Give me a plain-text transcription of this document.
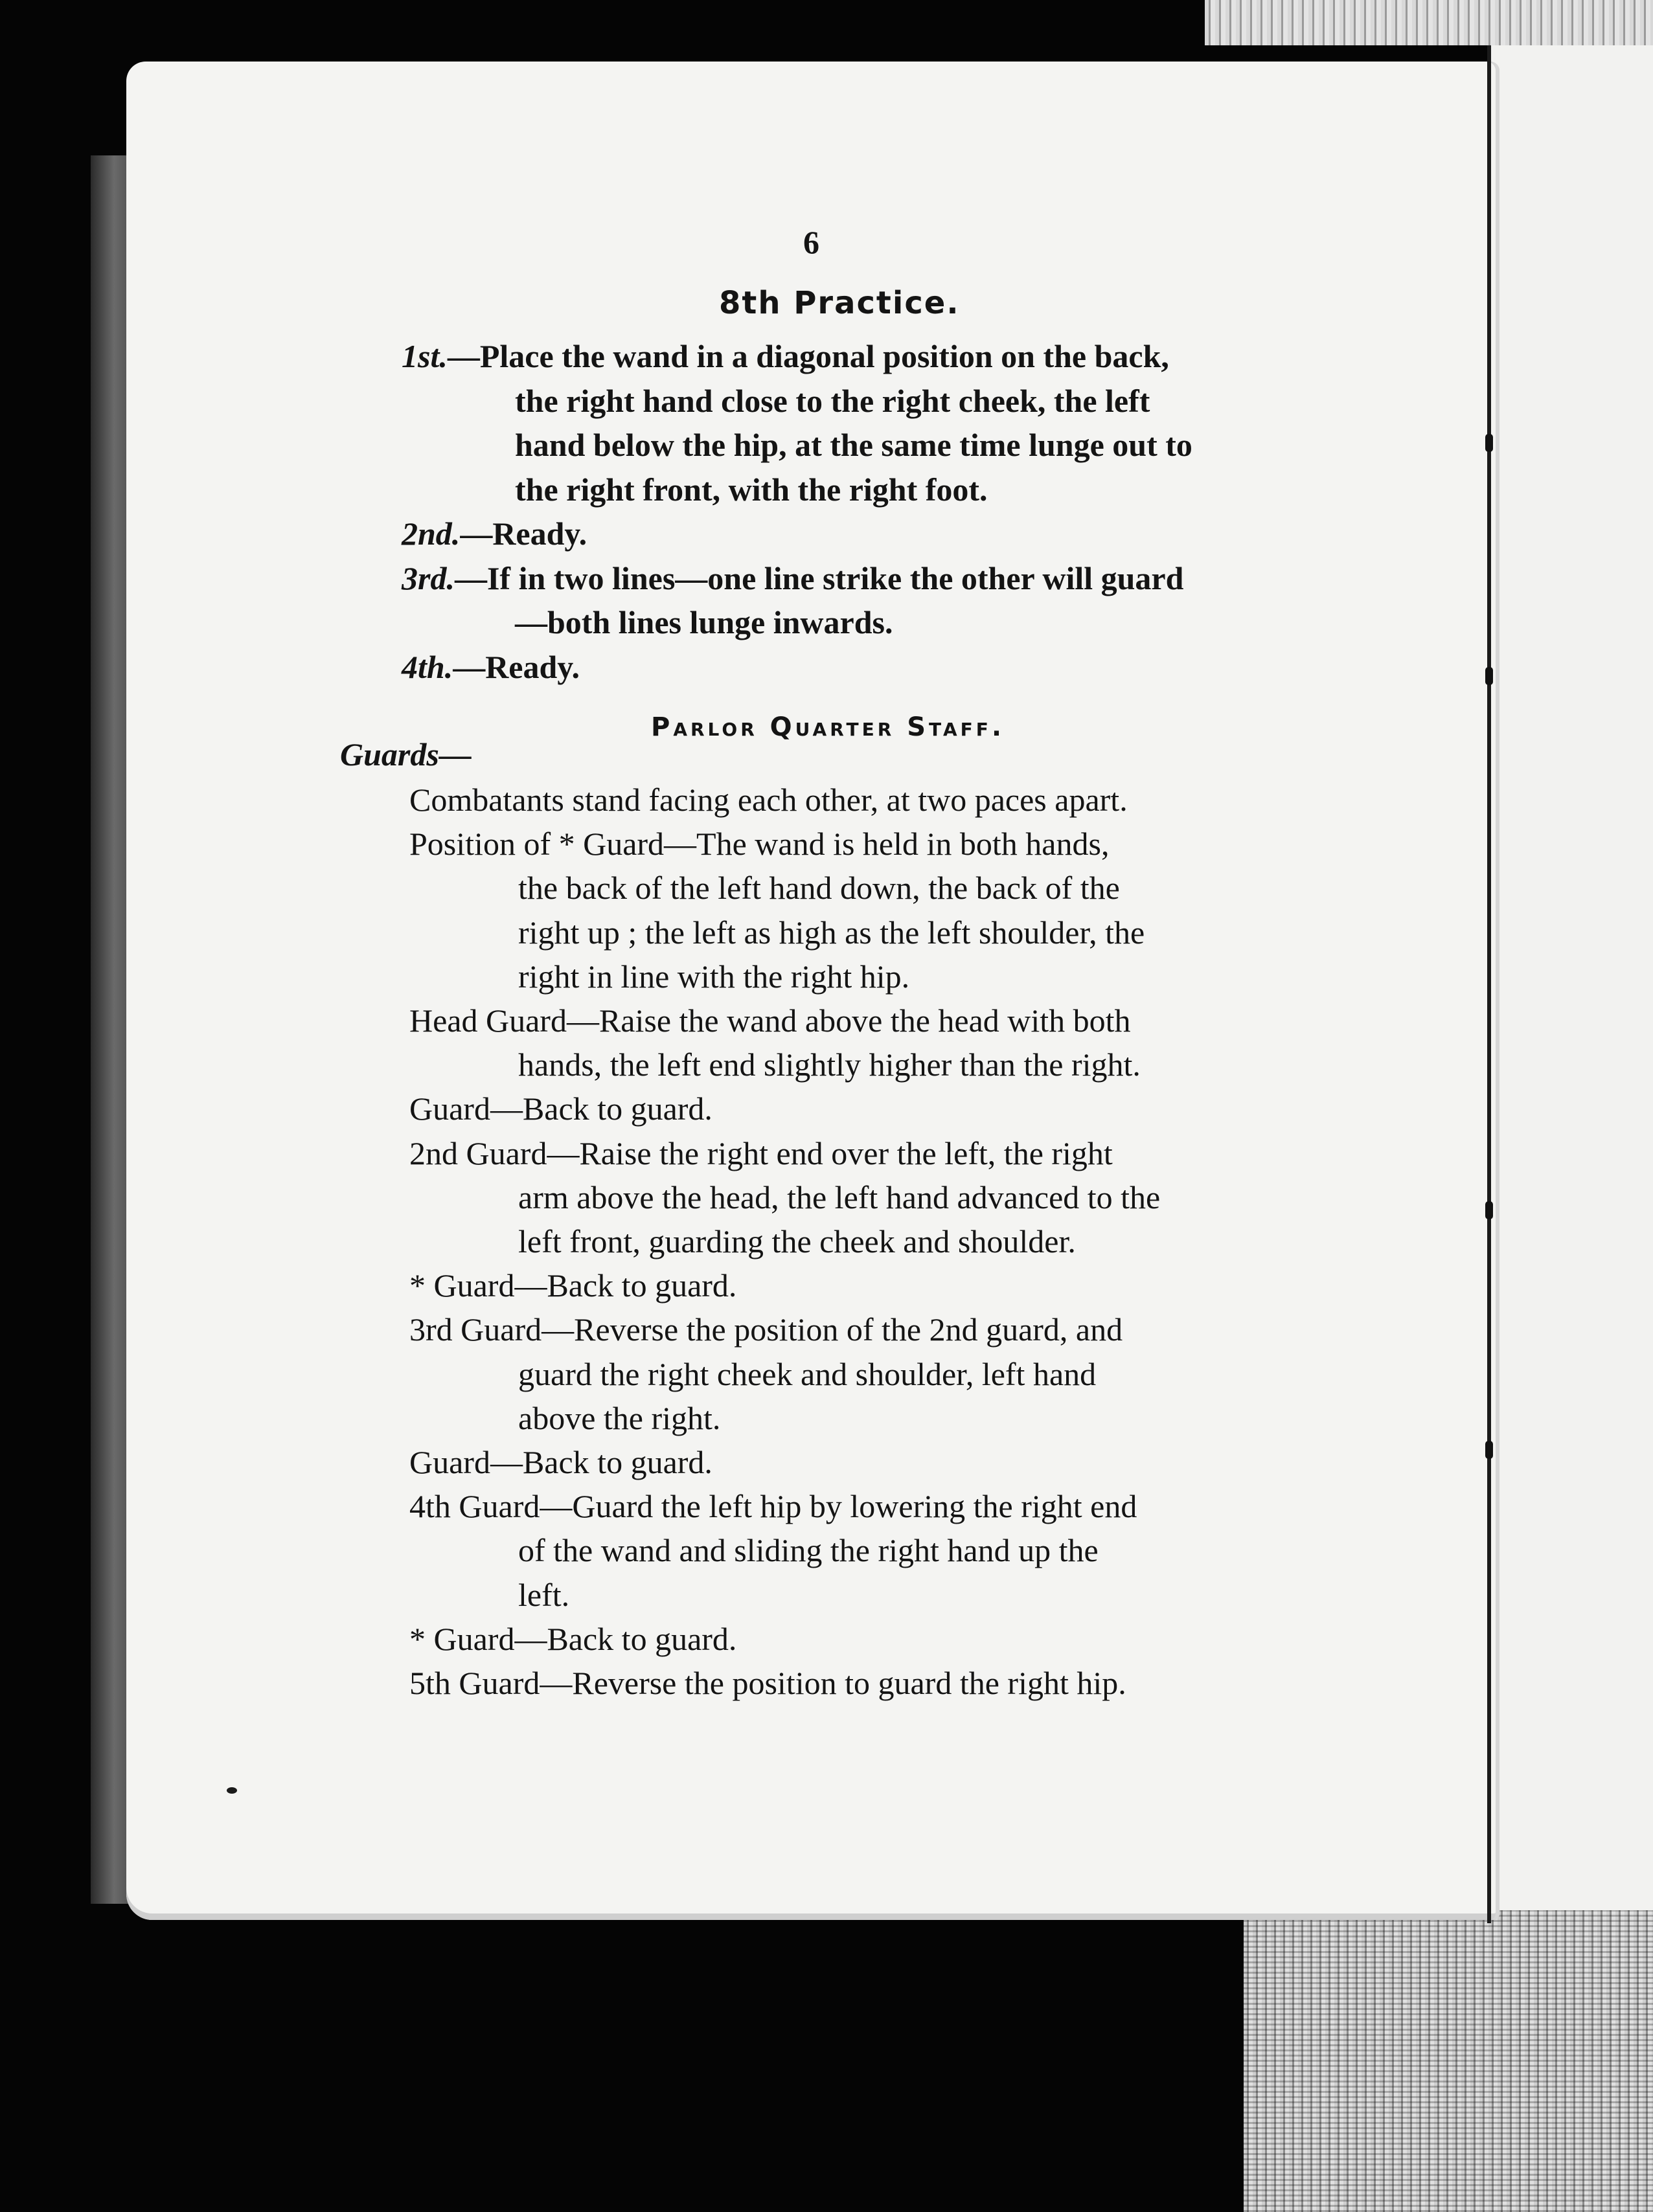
6
8th Practice.
1st.—Place the wand in a diagonal position on the back,
the right hand close to the right cheek, the left
hand below the hip, at the same time lunge out to
the right front, with the right foot.
2nd.—Ready.
3rd.—If in two lines—one line strike the other will guard
—both lines lunge inwards.
4th.—Ready.
Parlor Quarter Staff.
Guards—
Combatants stand facing each other, at two paces apart.
Position of * Guard—The wand is held in both hands,
the back of the left hand down, the back of the
right up ; the left as high as the left shoulder, the
right in line with the right hip.
Head Guard—Raise the wand above the head with both
hands, the left end slightly higher than the right.
Guard—Back to guard.
2nd Guard—Raise the right end over the left, the right
arm above the head, the left hand advanced to the
left front, guarding the cheek and shoulder.
* Guard—Back to guard.
3rd Guard—Reverse the position of the 2nd guard, and
guard the right cheek and shoulder, left hand
above the right.
Guard—Back to guard.
4th Guard—Guard the left hip by lowering the right end
of the wand and sliding the right hand up the
left.
* Guard—Back to guard.
5th Guard—Reverse the position to guard the right hip.
